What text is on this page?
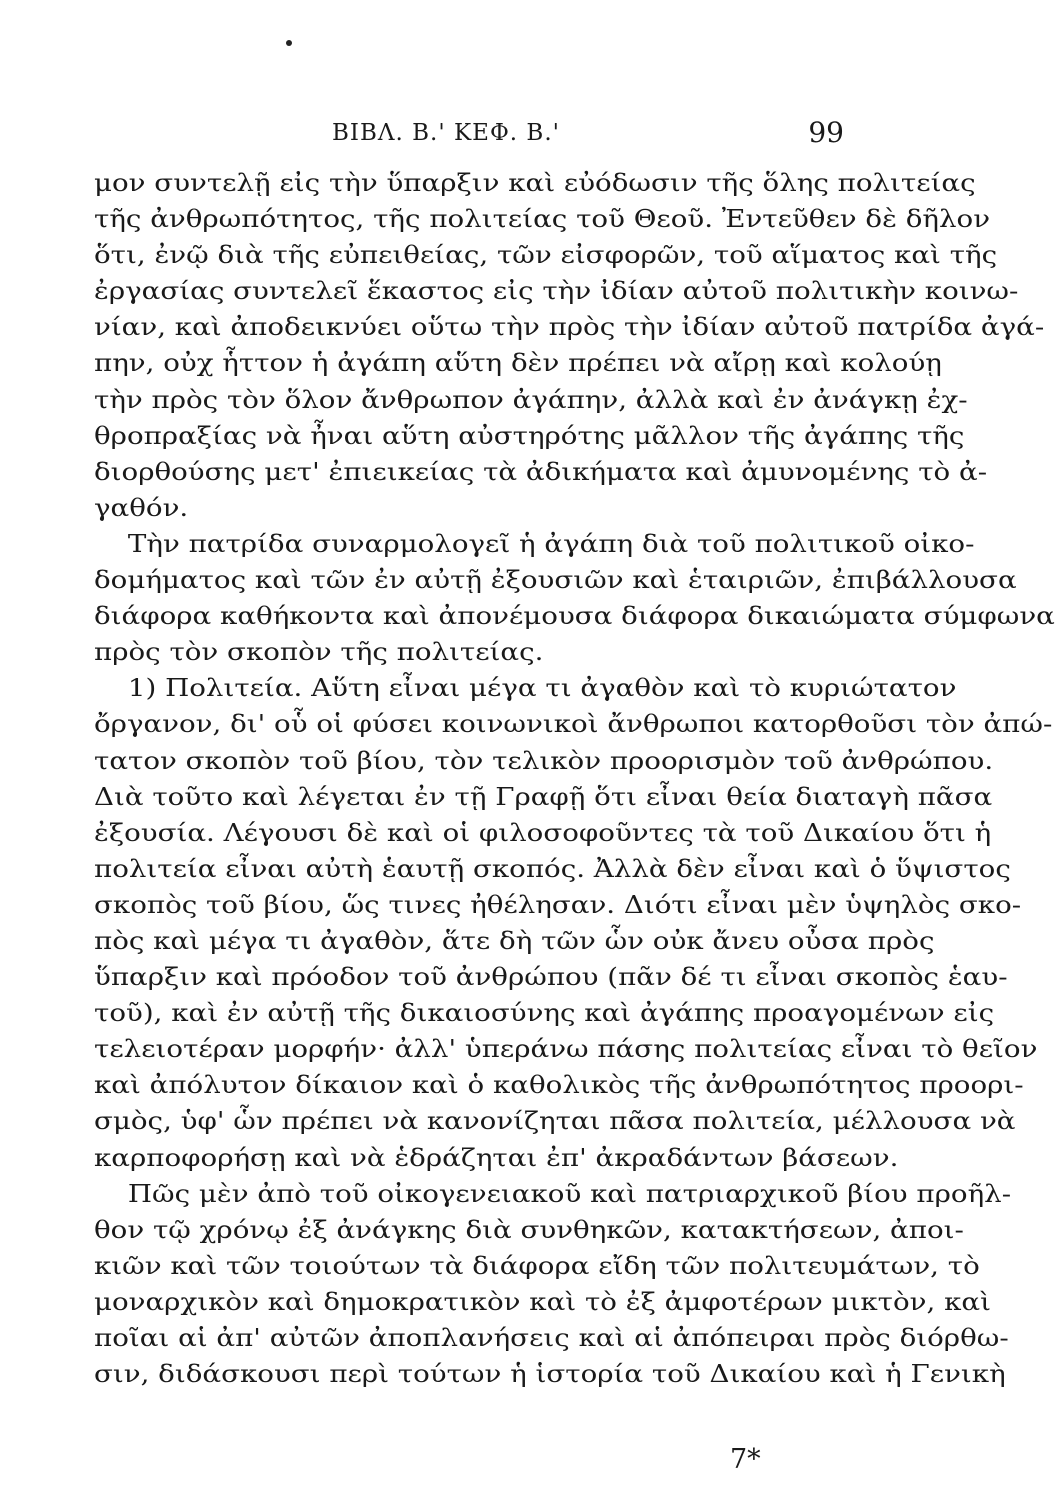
ΒΙΒΛ. Β.' ΚΕΦ. Β.'	99
μον συντελῇ εἰς τὴν ὕπαρξιν καὶ εὐόδωσιν τῆς ὅλης πολιτείας
τῆς ἀνθρωπότητος, τῆς πολιτείας τοῦ Θεοῦ. Ἐντεῦθεν δὲ δῆλον
ὅτι, ἐνῷ διὰ τῆς εὐπειθείας, τῶν εἰσφορῶν, τοῦ αἵματος καὶ τῆς
ἐργασίας συντελεῖ ἕκαστος εἰς τὴν ἰδίαν αὐτοῦ πολιτικὴν κοινω-
νίαν, καὶ ἀποδεικνύει οὕτω τὴν πρὸς τὴν ἰδίαν αὐτοῦ πατρίδα ἀγά-
πην, οὐχ ἧττον ἡ ἀγάπη αὕτη δὲν πρέπει νὰ αἴρῃ καὶ κολούῃ
τὴν πρὸς τὸν ὅλον ἄνθρωπον ἀγάπην, ἀλλὰ καὶ ἐν ἀνάγκῃ ἐχ-
θροπραξίας νὰ ἦναι αὕτη αὐστηρότης μᾶλλον τῆς ἀγάπης τῆς
διορθούσης μετ' ἐπιεικείας τὰ ἀδικήματα καὶ ἀμυνομένης τὸ ἀ-
γαθόν.
Τὴν πατρίδα συναρμολογεῖ ἡ ἀγάπη διὰ τοῦ πολιτικοῦ οἰκο-
δομήματος καὶ τῶν ἐν αὐτῇ ἐξουσιῶν καὶ ἑταιριῶν, ἐπιβάλλουσα
διάφορα καθήκοντα καὶ ἀπονέμουσα διάφορα δικαιώματα σύμφωνα
πρὸς τὸν σκοπὸν τῆς πολιτείας.
1) Πολιτεία. Αὕτη εἶναι μέγα τι ἀγαθὸν καὶ τὸ κυριώτατον
ὄργανον, δι' οὗ οἱ φύσει κοινωνικοὶ ἄνθρωποι κατορθοῦσι τὸν ἀπώ-
τατον σκοπὸν τοῦ βίου, τὸν τελικὸν προορισμὸν τοῦ ἀνθρώπου.
Διὰ τοῦτο καὶ λέγεται ἐν τῇ Γραφῇ ὅτι εἶναι θεία διαταγὴ πᾶσα
ἐξουσία. Λέγουσι δὲ καὶ οἱ φιλοσοφοῦντες τὰ τοῦ Δικαίου ὅτι ἡ
πολιτεία εἶναι αὐτὴ ἑαυτῇ σκοπός. Ἀλλὰ δὲν εἶναι καὶ ὁ ὕψιστος
σκοπὸς τοῦ βίου, ὥς τινες ἠθέλησαν. Διότι εἶναι μὲν ὑψηλὸς σκο-
πὸς καὶ μέγα τι ἀγαθὸν, ἅτε δὴ τῶν ὧν οὐκ ἄνευ οὖσα πρὸς
ὕπαρξιν καὶ πρόοδον τοῦ ἀνθρώπου (πᾶν δέ τι εἶναι σκοπὸς ἑαυ-
τοῦ), καὶ ἐν αὐτῇ τῆς δικαιοσύνης καὶ ἀγάπης προαγομένων εἰς
τελειοτέραν μορφήν· ἀλλ' ὑπεράνω πάσης πολιτείας εἶναι τὸ θεῖον
καὶ ἀπόλυτον δίκαιον καὶ ὁ καθολικὸς τῆς ἀνθρωπότητος προορι-
σμὸς, ὑφ' ὧν πρέπει νὰ κανονίζηται πᾶσα πολιτεία, μέλλουσα νὰ
καρποφορήσῃ καὶ νὰ ἑδράζηται ἐπ' ἀκραδάντων βάσεων.
Πῶς μὲν ἀπὸ τοῦ οἰκογενειακοῦ καὶ πατριαρχικοῦ βίου προῆλ-
θον τῷ χρόνῳ ἐξ ἀνάγκης διὰ συνθηκῶν, κατακτήσεων, ἀποι-
κιῶν καὶ τῶν τοιούτων τὰ διάφορα εἴδη τῶν πολιτευμάτων, τὸ
μοναρχικὸν καὶ δημοκρατικὸν καὶ τὸ ἐξ ἀμφοτέρων μικτὸν, καὶ
ποῖαι αἱ ἀπ' αὐτῶν ἀποπλανήσεις καὶ αἱ ἀπόπειραι πρὸς διόρθω-
σιν, διδάσκουσι περὶ τούτων ἡ ἱστορία τοῦ Δικαίου καὶ ἡ Γενικὴ
7*
